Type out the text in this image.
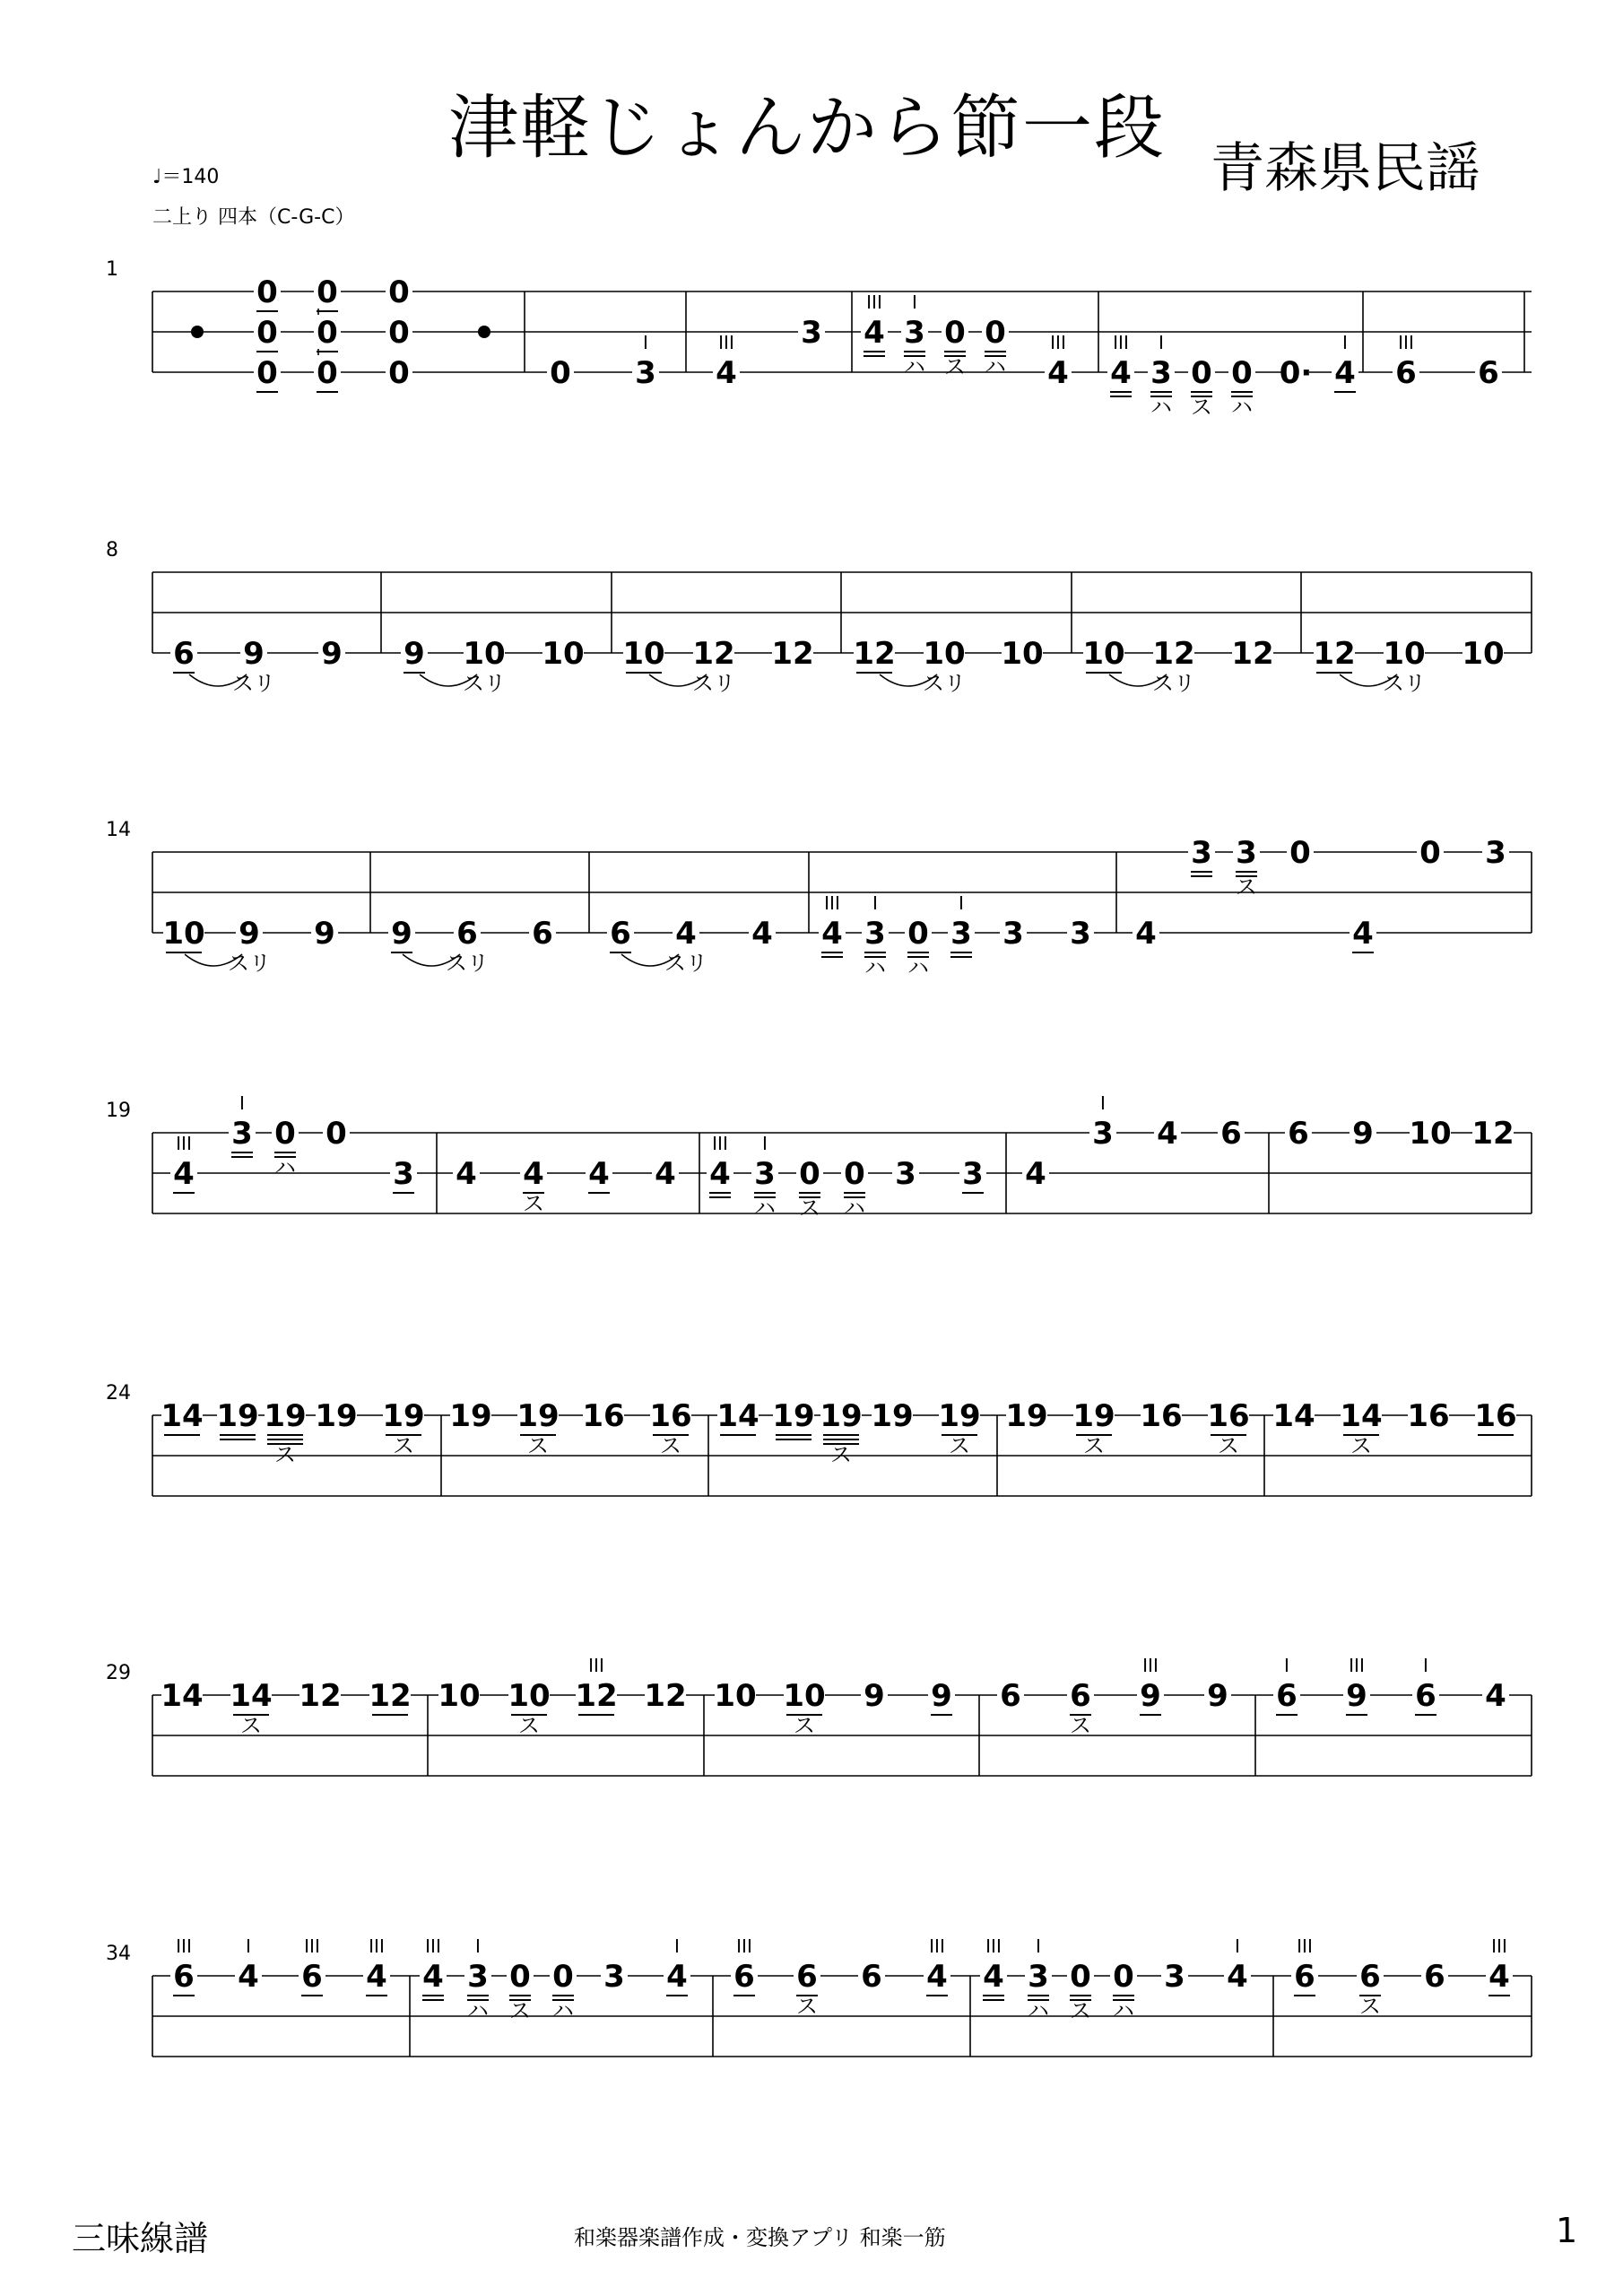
津軽じょんから節一段 青森県民謡
♩＝140
二上り 四本（C-G-C）
1
0
0
0
0
0
0
0
0
0	0 3
I
4
III 3 4
III
3
I
ハ
0
ス
0
ハ 4
III
4
III
3
I
ハ
0
ス
0
ハ
0· 4
I
6
III
6
8
6 9
スリ
9 9 10
スリ
10 10 12
スリ
12 12 10
スリ
10 10 12
スリ
12 12 10
スリ
10
14
10 9
スリ
9 9 6
スリ
6 6 4
スリ
4 4
III
3
I
ハ
0
ハ
3
I
3 3 4
3 3
ス
0
4
0 3
19
4
III 3
I
0
ハ
0
3 4 4
ス
4 4 4
III
3
I
ハ
0
ス
0
ハ
3 3 4
3
I
4 6 6 9 10 12
24
14 19 19
ス
19 19
ス
19 19
ス
16 16
ス
14 19 19
ス
19 19
ス
19 19
ス
16 16
ス
14 14
ス
16 16
29
14 14
ス
12 12 10 10
ス
12
III
12 10 10
ス
9 9 6 6
ス
9
III
9 6
I
9
III
6
I
4
34
6
III
4
I
6
III
4
III
4
III
3
I
ハ
0
ス
0
ハ
3 4
I
6
III
6
ス
6 4
III
4
III
3
I
ハ
0
ス
0
ハ
3 4
I
6
III
6
ス
6 4
III
三味線譜	和楽器楽譜作成・変換アプリ 和楽一筋	1
